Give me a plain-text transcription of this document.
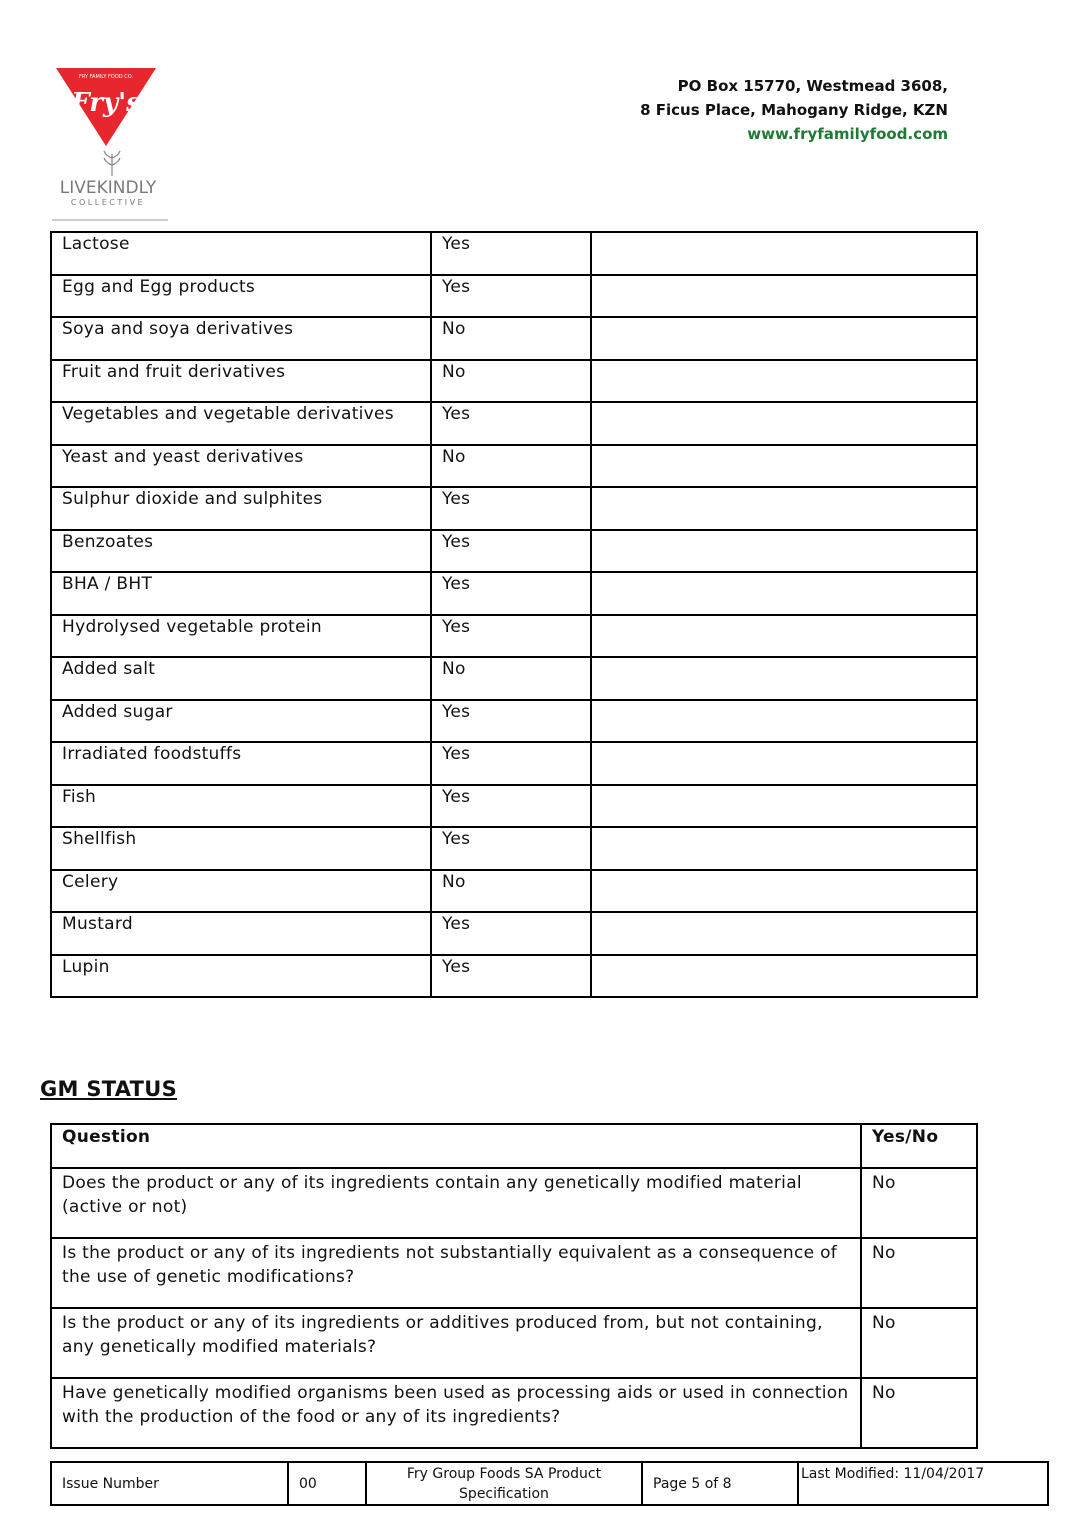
FRY FAMILY FOOD CO.
Fry's
LIVEKINDLY
COLLECTIVE
PO Box 15770, Westmead 3608,
8 Ficus Place, Mahogany Ridge, KZN
www.fryfamilyfood.com
Lactose	Yes	
Egg and Egg products	Yes	
Soya and soya derivatives	No	
Fruit and fruit derivatives	No	
Vegetables and vegetable derivatives	Yes	
Yeast and yeast derivatives	No	
Sulphur dioxide and sulphites	Yes	
Benzoates	Yes	
BHA / BHT	Yes	
Hydrolysed vegetable protein	Yes	
Added salt	No	
Added sugar	Yes	
Irradiated foodstuffs	Yes	
Fish	Yes	
Shellfish	Yes	
Celery	No	
Mustard	Yes	
Lupin	Yes	
GM STATUS
Question	Yes/No
Does the product or any of its ingredients contain any genetically modified material (active or not)	No
Is the product or any of its ingredients not substantially equivalent as a consequence of the use of genetic modifications?	No
Is the product or any of its ingredients or additives produced from, but not containing, any genetically modified materials?	No
Have genetically modified organisms been used as processing aids or used in connection with the production of the food or any of its ingredients?	No
Issue Number	00	
Fry Group Foods SA Product
Specification
	Page 5 of 8	Last Modified: 11/04/2017
